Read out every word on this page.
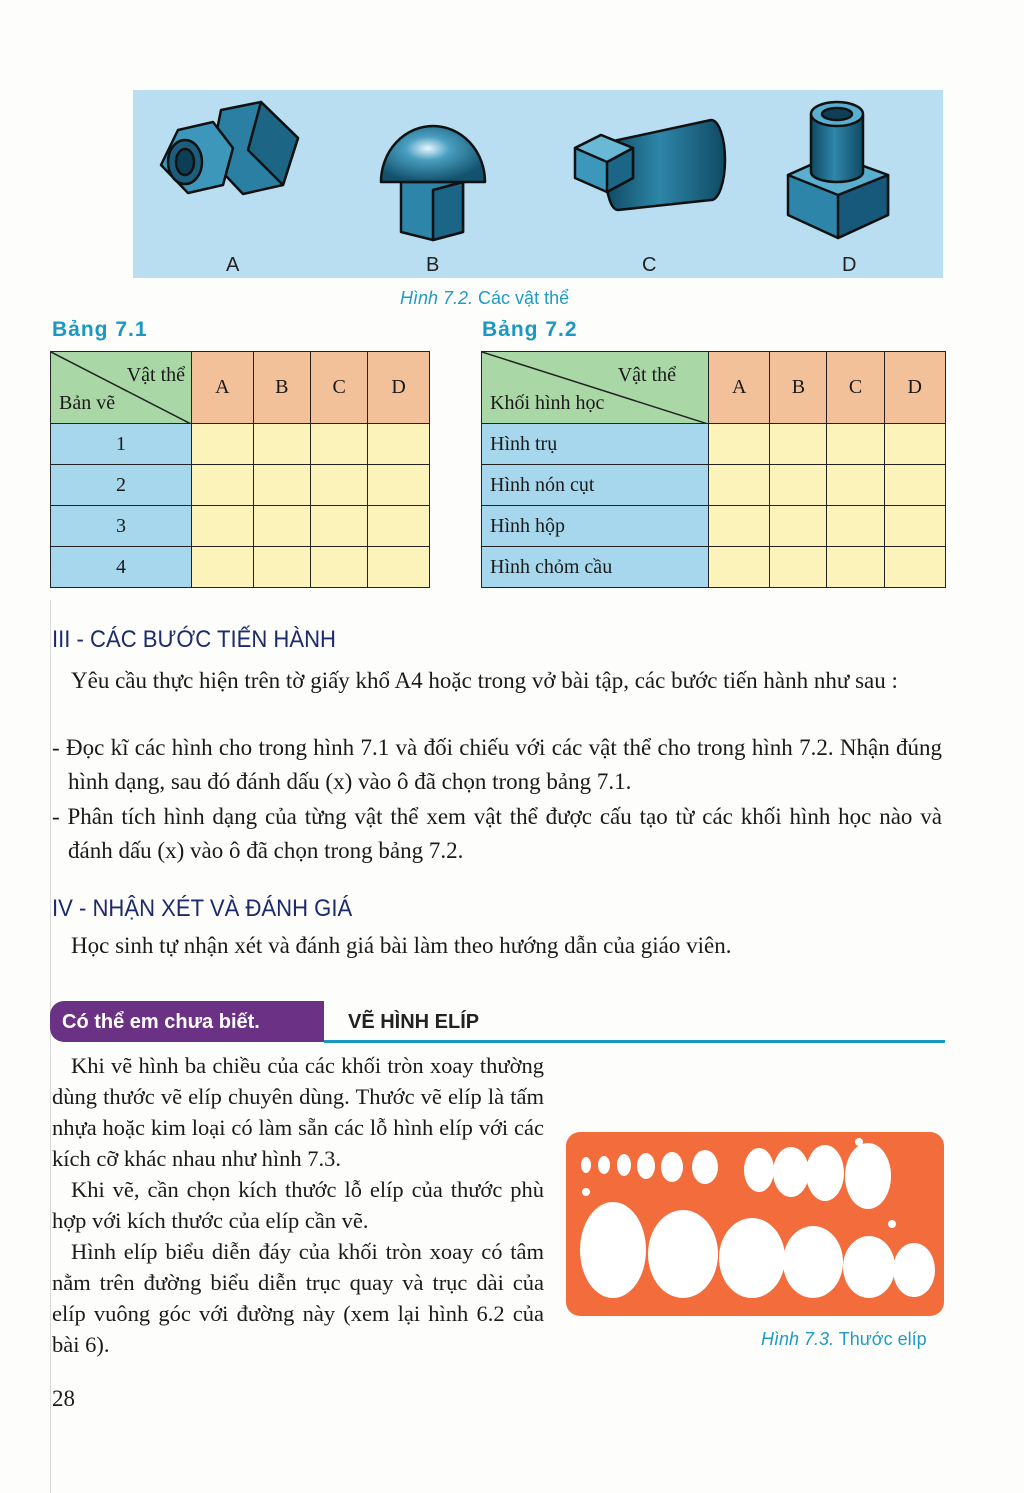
A	B	C	D
Hình 7.2. Các vật thể
Bảng 7.1
Vật thể
Bản vẽ	A	B	C	D
1				
2				
3				
4				
Bảng 7.2
Vật thể
Khối hình học	A	B	C	D
Hình trụ				
Hình nón cụt				
Hình hộp				
Hình chỏm cầu				
III - CÁC BƯỚC TIẾN HÀNH

Yêu cầu thực hiện trên tờ giấy khổ A4 hoặc trong vở bài tập, các bước tiến hành như sau :

- Đọc kĩ các hình cho trong hình 7.1 và đối chiếu với các vật thể cho trong hình 7.2. Nhận đúng hình dạng, sau đó đánh dấu (x) vào ô đã chọn trong bảng 7.1.

- Phân tích hình dạng của từng vật thể xem vật thể được cấu tạo từ các khối hình học nào và đánh dấu (x) vào ô đã chọn trong bảng 7.2.

IV - NHẬN XÉT VÀ ĐÁNH GIÁ

Học sinh tự nhận xét và đánh giá bài làm theo hướng dẫn của giáo viên.

Có thể em chưa biết.	VẼ HÌNH ELÍP

Khi vẽ hình ba chiều của các khối tròn xoay thường dùng thước vẽ elíp chuyên dùng. Thước vẽ elíp là tấm nhựa hoặc kim loại có làm sẵn các lỗ hình elíp với các kích cỡ khác nhau như hình 7.3.

Khi vẽ, cần chọn kích thước lỗ elíp của thước phù hợp với kích thước của elíp cần vẽ.

Hình elíp biểu diễn đáy của khối tròn xoay có tâm nằm trên đường biểu diễn trục quay và trục dài của elíp vuông góc với đường này (xem lại hình 6.2 của bài 6).	Hình 7.3. Thước elíp
28
